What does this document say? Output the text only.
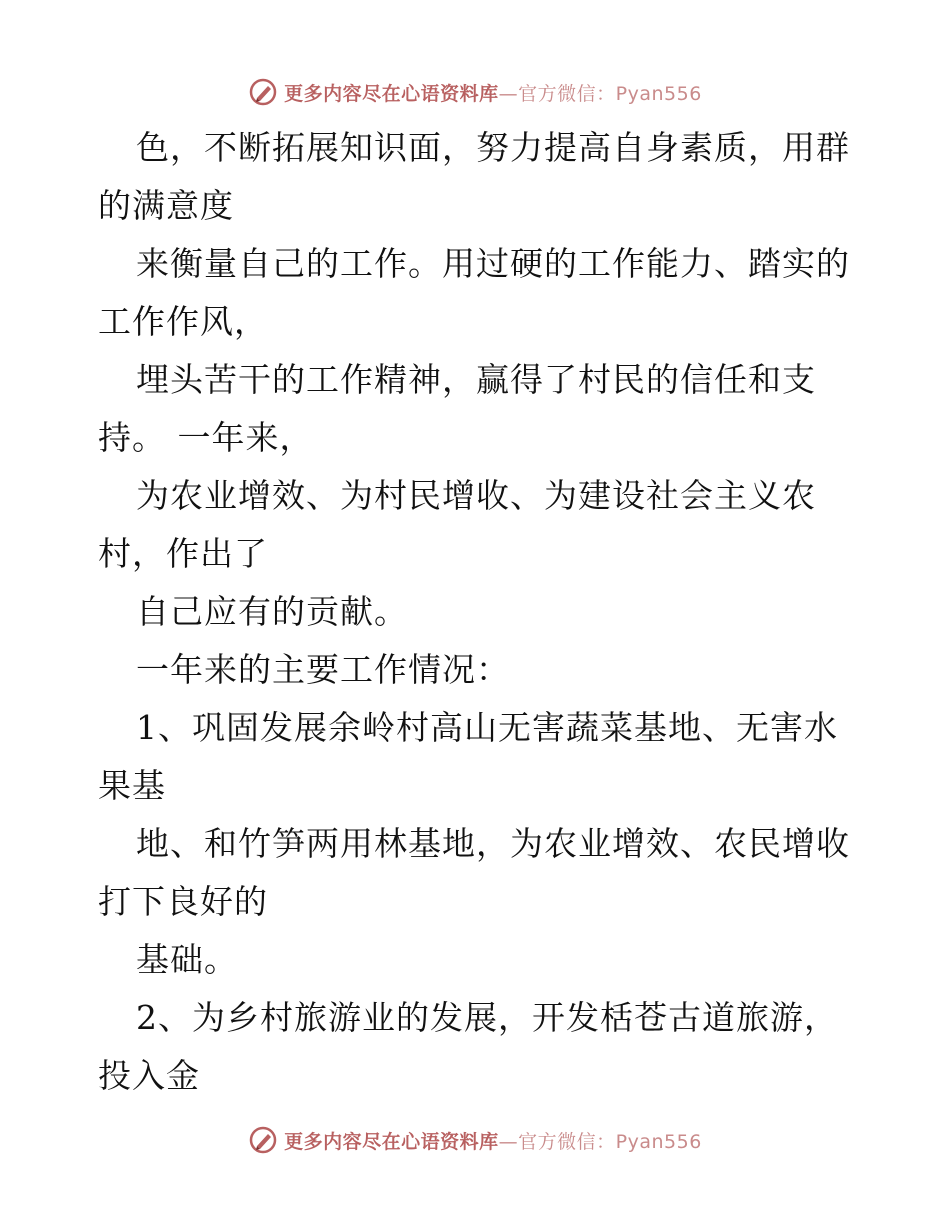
更多内容尽在心语资料库—官方微信：Pyan556
色，不断拓展知识面，努力提高自身素质，用群
的满意度
来衡量自己的工作。用过硬的工作能力、踏实的
工作作风，
埋头苦干的工作精神，赢得了村民的信任和支
持。 一年来，
为农业增效、为村民增收、为建设社会主义农
村，作出了
自己应有的贡献。
一年来的主要工作情况：
1、巩固发展余岭村高山无害蔬菜基地、无害水
果基
地、和竹笋两用林基地，为农业增效、农民增收
打下良好的
基础。
2、为乡村旅游业的发展，开发栝苍古道旅游，
投入金
更多内容尽在心语资料库—官方微信：Pyan556
